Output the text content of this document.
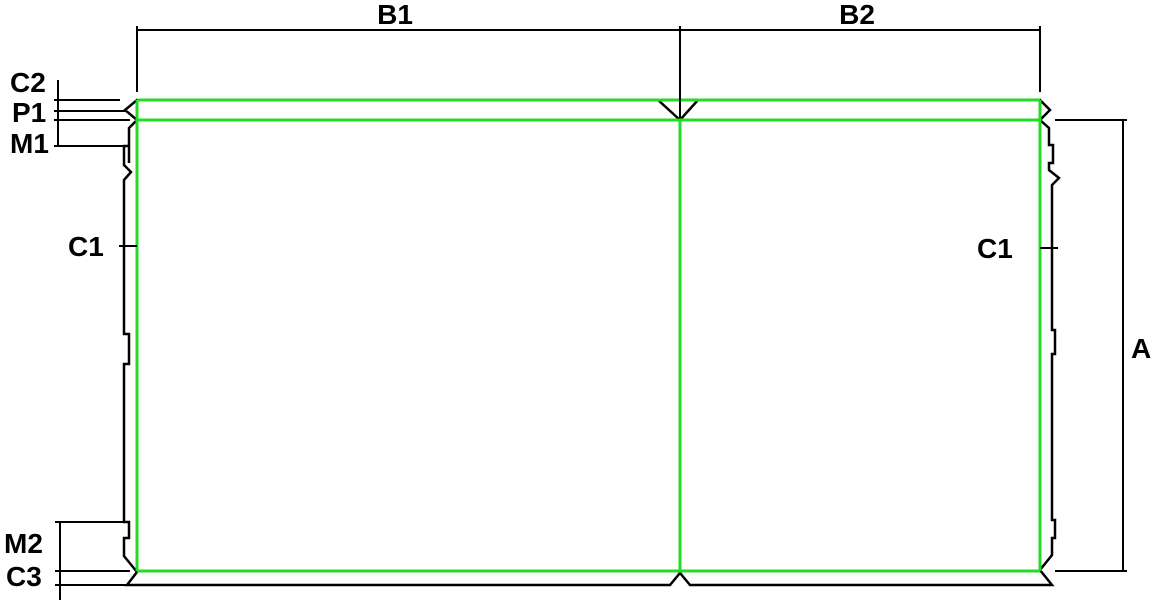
B1	B2
C2
P1
M1
C1	C1
A
M2
C3
